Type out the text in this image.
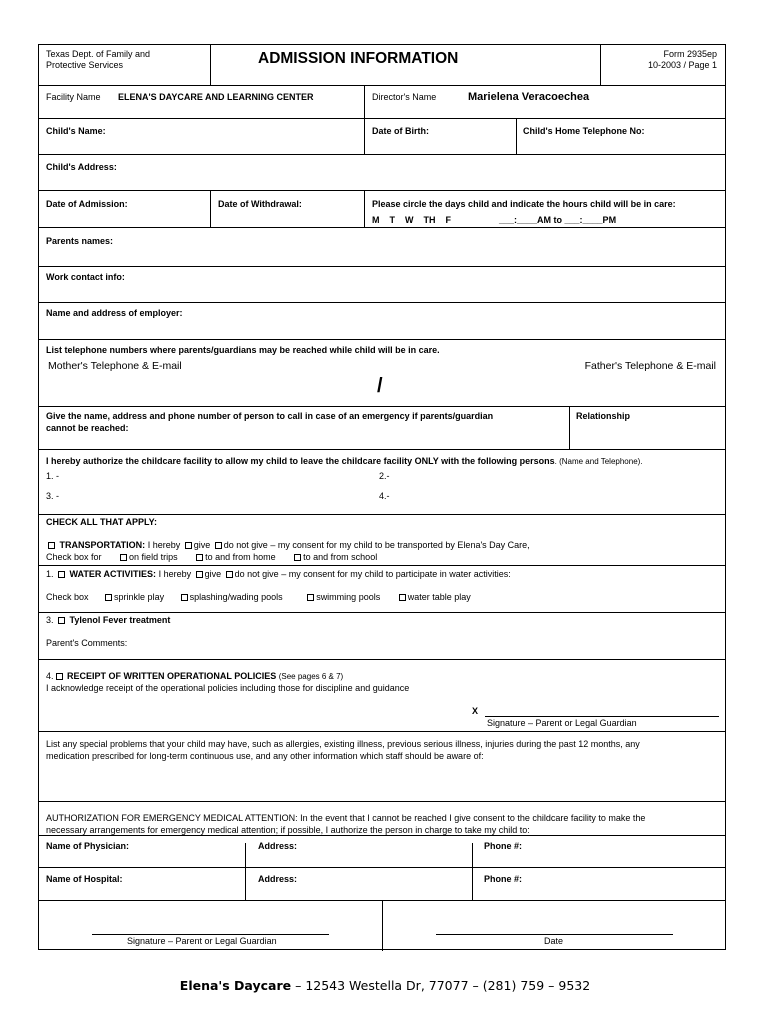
Texas Dept. of Family and
Protective Services	ADMISSION INFORMATION	Form 2935ep
10-2003 / Page 1
Facility Name ELENA'S DAYCARE AND LEARNING CENTER	Director's Name	Marielena Veracoechea
Child's Name:	Date of Birth:	Child's Home Telephone No:
Child's Address:
Date of Admission:	Date of Withdrawal:	Please circle the days child and indicate the hours child will be in care:
M    T    W    TH    F	___:____AM to ___:____PM
Parents names:
Work contact info:
Name and address of employer:
List telephone numbers where parents/guardians may be reached while child will be in care.
Mother's Telephone & E-mail	Father's Telephone & E-mail
/
Give the name, address and phone number of person to call in case of an emergency if parents/guardian
cannot be reached:
Relationship
I hereby authorize the childcare facility to allow my child to leave the childcare facility ONLY with the following persons. (Name and Telephone).
1. -	2.-
3. -	4.-
CHECK ALL THAT APPLY:
TRANSPORTATION: I hereby give do not give – my consent for my child to be transported by Elena's Day Care,
Check box for	on field trips	to and from home	to and from school
1. WATER ACTIVITIES: I hereby give do not give – my consent for my child to participate in water activities:
Check box	sprinkle play	splashing/wading pools	swimming pools	water table play
3. Tylenol Fever treatment
Parent's Comments:
4. RECEIPT OF WRITTEN OPERATIONAL POLICIES (See pages 6 & 7)
I acknowledge receipt of the operational policies including those for discipline and guidance
X
Signature – Parent or Legal Guardian
List any special problems that your child may have, such as allergies, existing illness, previous serious illness, injuries during the past 12 months, any
medication prescribed for long-term continuous use, and any other information which staff should be aware of:
AUTHORIZATION FOR EMERGENCY MEDICAL ATTENTION: In the event that I cannot be reached I give consent to the childcare facility to make the
necessary arrangements for emergency medical attention; if possible, I authorize the person in charge to take my child to:
Name of Physician:	Address:	Phone #:
Name of Hospital:	Address:	Phone #:
Signature – Parent or Legal Guardian	Date
Elena's Daycare – 12543 Westella Dr, 77077 – (281) 759 – 9532
